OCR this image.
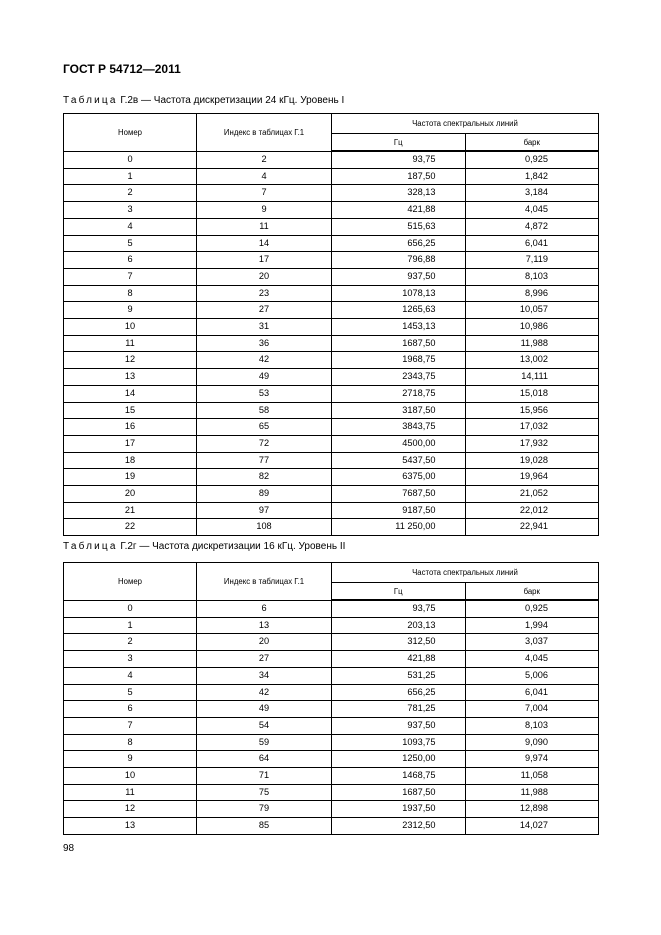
ГОСТ Р 54712—2011
Таблица Г.2в — Частота дискретизации 24 кГц. Уровень I
Номер	Индекс в таблицах Г.1	Частота спектральных линий	
		Гц	барк
0	2	93,75	0,925
1	4	187,50	1,842
2	7	328,13	3,184
3	9	421,88	4,045
4	11	515,63	4,872
5	14	656,25	6,041
6	17	796,88	7,119
7	20	937,50	8,103
8	23	1078,13	8,996
9	27	1265,63	10,057
10	31	1453,13	10,986
11	36	1687,50	11,988
12	42	1968,75	13,002
13	49	2343,75	14,111
14	53	2718,75	15,018
15	58	3187,50	15,956
16	65	3843,75	17,032
17	72	4500,00	17,932
18	77	5437,50	19,028
19	82	6375,00	19,964
20	89	7687,50	21,052
21	97	9187,50	22,012
22	108	11 250,00	22,941
Таблица Г.2г — Частота дискретизации 16 кГц. Уровень II
Номер	Индекс в таблицах Г.1	Частота спектральных линий	
		Гц	барк
0	6	93,75	0,925
1	13	203,13	1,994
2	20	312,50	3,037
3	27	421,88	4,045
4	34	531,25	5,006
5	42	656,25	6,041
6	49	781,25	7,004
7	54	937,50	8,103
8	59	1093,75	9,090
9	64	1250,00	9,974
10	71	1468,75	11,058
11	75	1687,50	11,988
12	79	1937,50	12,898
13	85	2312,50	14,027
98
